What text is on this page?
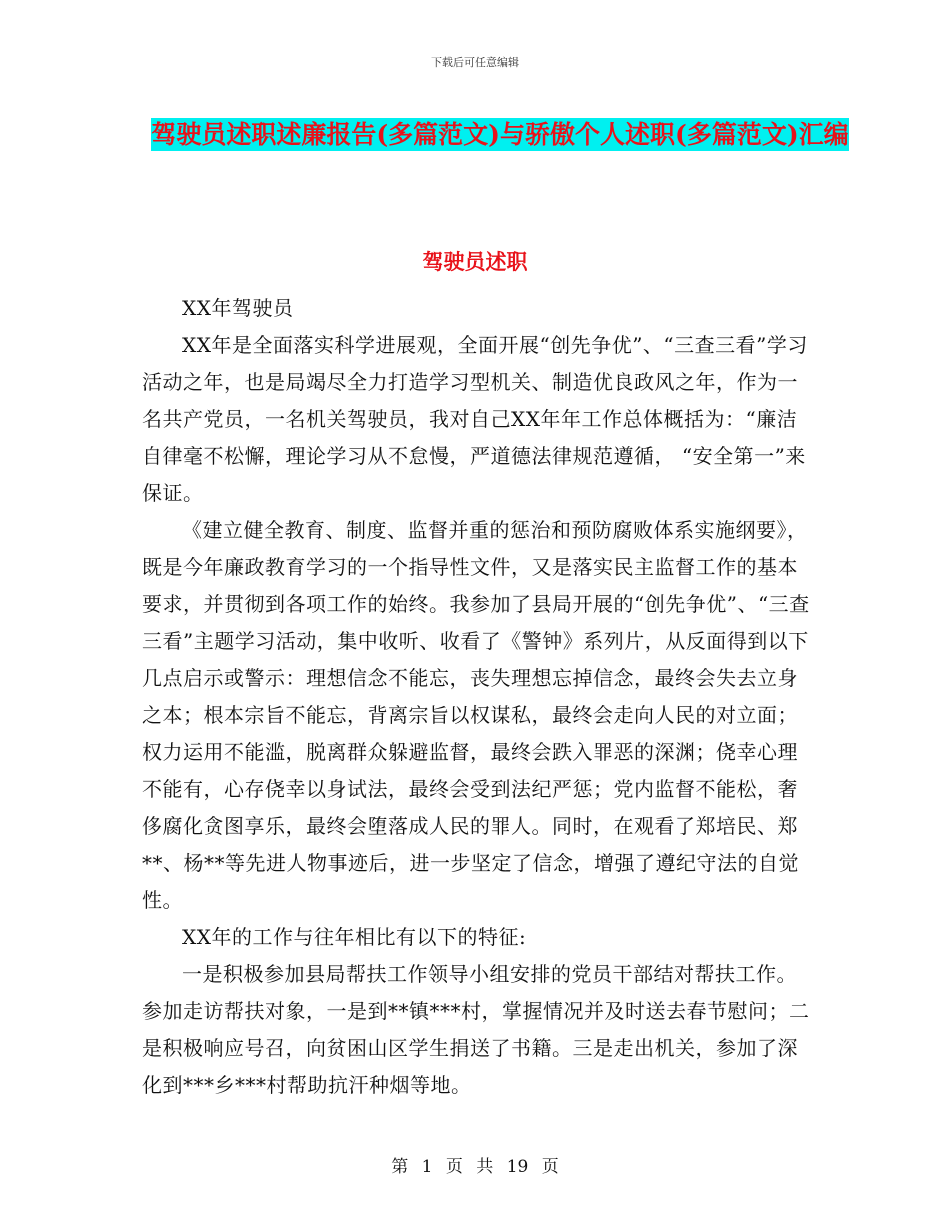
下载后可任意编辑
驾驶员述职述廉报告(多篇范文)与骄傲个人述职(多篇范文)汇编
驾驶员述职

XX年驾驶员

XX年是全面落实科学进展观，全面开展“创先争优”、“三查三看”学习活动之年，也是局竭尽全力打造学习型机关、制造优良政风之年，作为一名共产党员，一名机关驾驶员，我对自己XX年年工作总体概括为：“廉洁自律毫不松懈，理论学习从不怠慢，严道德法律规范遵循， “安全第一”来保证。

《建立健全教育、制度、监督并重的惩治和预防腐败体系实施纲要》，既是今年廉政教育学习的一个指导性文件，又是落实民主监督工作的基本要求，并贯彻到各项工作的始终。我参加了县局开展的“创先争优”、“三查三看”主题学习活动，集中收听、收看了《警钟》系列片，从反面得到以下几点启示或警示：理想信念不能忘，丧失理想忘掉信念，最终会失去立身之本；根本宗旨不能忘，背离宗旨以权谋私，最终会走向人民的对立面；权力运用不能滥，脱离群众躲避监督，最终会跌入罪恶的深渊；侥幸心理不能有，心存侥幸以身试法，最终会受到法纪严惩；党内监督不能松，奢侈腐化贪图享乐，最终会堕落成人民的罪人。同时，在观看了郑培民、郑**、杨**等先进人物事迹后，进一步坚定了信念，增强了遵纪守法的自觉性。

XX年的工作与往年相比有以下的特征:

一是积极参加县局帮扶工作领导小组安排的党员干部结对帮扶工作。参加走访帮扶对象，一是到**镇***村，掌握情况并及时送去春节慰问；二是积极响应号召，向贫困山区学生捐送了书籍。三是走出机关，参加了深化到***乡***村帮助抗汗种烟等地。

第 1 页 共 19 页
